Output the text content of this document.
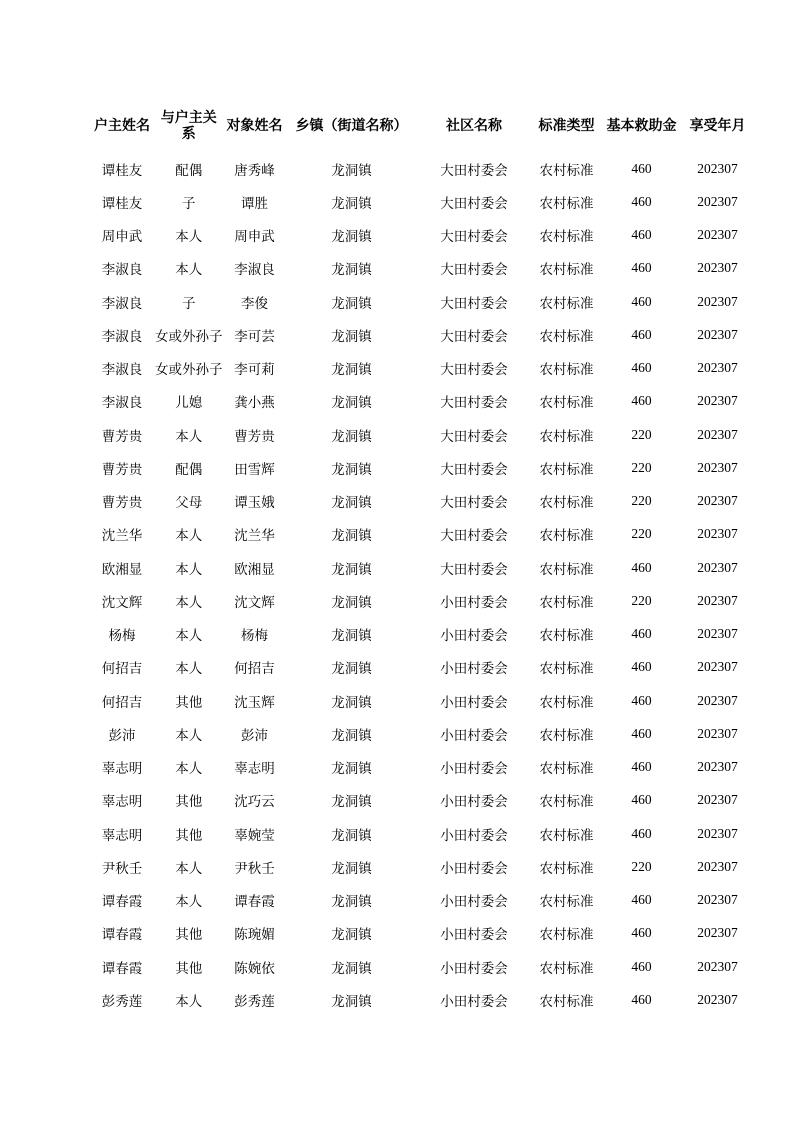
户主姓名	与户主关系	对象姓名	乡镇（街道名称）	社区名称	标准类型	基本救助金	享受年月
谭桂友	配偶	唐秀峰	龙洞镇	大田村委会	农村标准	460	202307
谭桂友	子	谭胜	龙洞镇	大田村委会	农村标准	460	202307
周申武	本人	周申武	龙洞镇	大田村委会	农村标准	460	202307
李淑良	本人	李淑良	龙洞镇	大田村委会	农村标准	460	202307
李淑良	子	李俊	龙洞镇	大田村委会	农村标准	460	202307
李淑良	女或外孙子	李可芸	龙洞镇	大田村委会	农村标准	460	202307
李淑良	女或外孙子	李可莉	龙洞镇	大田村委会	农村标准	460	202307
李淑良	儿媳	龚小燕	龙洞镇	大田村委会	农村标准	460	202307
曹芳贵	本人	曹芳贵	龙洞镇	大田村委会	农村标准	220	202307
曹芳贵	配偶	田雪辉	龙洞镇	大田村委会	农村标准	220	202307
曹芳贵	父母	谭玉娥	龙洞镇	大田村委会	农村标准	220	202307
沈兰华	本人	沈兰华	龙洞镇	大田村委会	农村标准	220	202307
欧湘显	本人	欧湘显	龙洞镇	大田村委会	农村标准	460	202307
沈文辉	本人	沈文辉	龙洞镇	小田村委会	农村标准	220	202307
杨梅	本人	杨梅	龙洞镇	小田村委会	农村标准	460	202307
何招吉	本人	何招吉	龙洞镇	小田村委会	农村标准	460	202307
何招吉	其他	沈玉辉	龙洞镇	小田村委会	农村标准	460	202307
彭沛	本人	彭沛	龙洞镇	小田村委会	农村标准	460	202307
辜志明	本人	辜志明	龙洞镇	小田村委会	农村标准	460	202307
辜志明	其他	沈巧云	龙洞镇	小田村委会	农村标准	460	202307
辜志明	其他	辜婉莹	龙洞镇	小田村委会	农村标准	460	202307
尹秋壬	本人	尹秋壬	龙洞镇	小田村委会	农村标准	220	202307
谭春霞	本人	谭春霞	龙洞镇	小田村委会	农村标准	460	202307
谭春霞	其他	陈琬媚	龙洞镇	小田村委会	农村标准	460	202307
谭春霞	其他	陈婉依	龙洞镇	小田村委会	农村标准	460	202307
彭秀莲	本人	彭秀莲	龙洞镇	小田村委会	农村标准	460	202307
